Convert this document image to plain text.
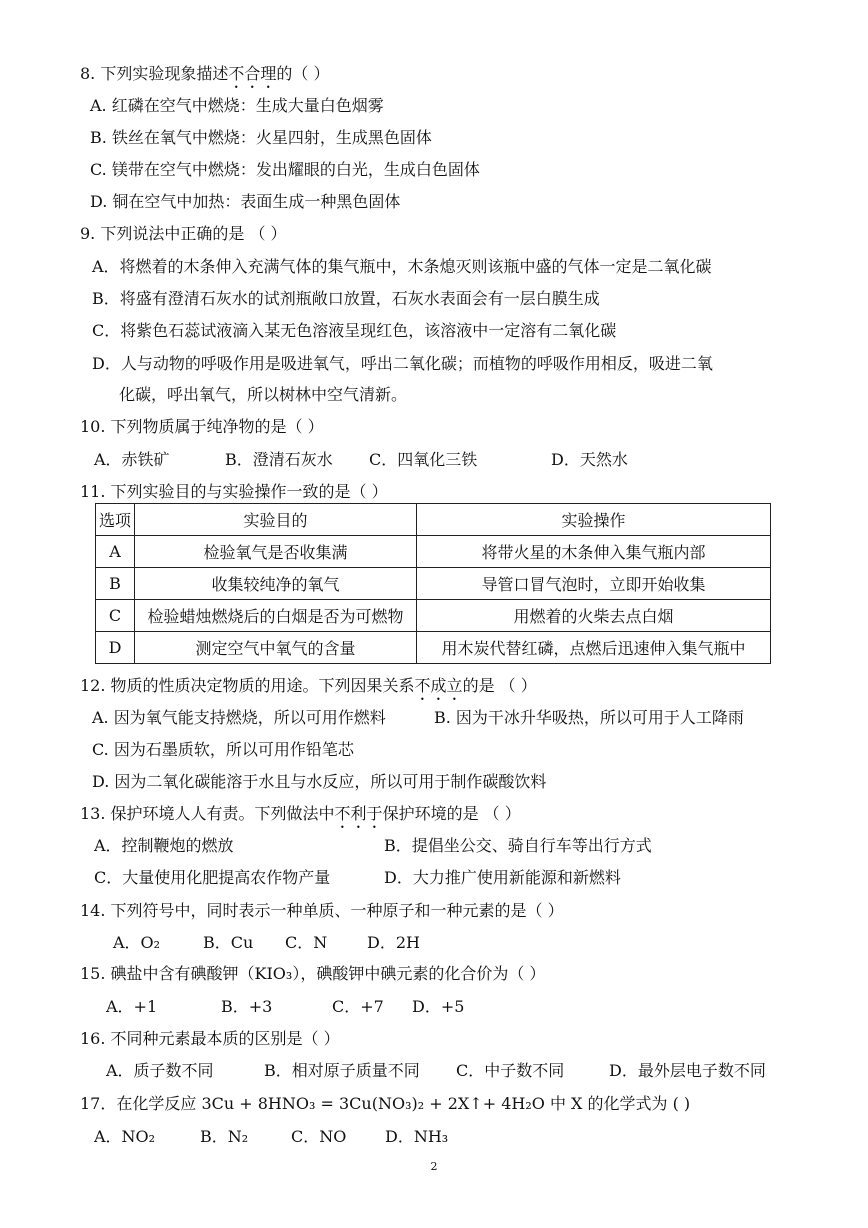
8. 下列实验现象描述不合理的（ ）
A. 红磷在空气中燃烧：生成大量白色烟雾
B. 铁丝在氧气中燃烧：火星四射，生成黑色固体
C. 镁带在空气中燃烧：发出耀眼的白光，生成白色固体
D. 铜在空气中加热：表面生成一种黑色固体
9. 下列说法中正确的是 （ ）
A．将燃着的木条伸入充满气体的集气瓶中，木条熄灭则该瓶中盛的气体一定是二氧化碳
B．将盛有澄清石灰水的试剂瓶敞口放置，石灰水表面会有一层白膜生成
C．将紫色石蕊试液滴入某无色溶液呈现红色，该溶液中一定溶有二氧化碳
D．人与动物的呼吸作用是吸进氧气，呼出二氧化碳；而植物的呼吸作用相反，吸进二氧
化碳，呼出氧气，所以树林中空气清新。
10. 下列物质属于纯净物的是（ ）
A．赤铁矿	B．澄清石灰水 C．四氧化三铁	D．天然水
11. 下列实验目的与实验操作一致的是（ ）
选项	实验目的	实验操作
A	检验氧气是否收集满	将带火星的木条伸入集气瓶内部
B	收集较纯净的氧气	导管口冒气泡时，立即开始收集
C	检验蜡烛燃烧后的白烟是否为可燃物	用燃着的火柴去点白烟
D	测定空气中氧气的含量	用木炭代替红磷，点燃后迅速伸入集气瓶中
12. 物质的性质决定物质的用途。下列因果关系不成立的是 （ ）
A. 因为氧气能支持燃烧，所以可用作燃料	B. 因为干冰升华吸热，所以可用于人工降雨
C. 因为石墨质软，所以可用作铅笔芯
D. 因为二氧化碳能溶于水且与水反应，所以可用于制作碳酸饮料
13. 保护环境人人有责。下列做法中不利于保护环境的是 （ ）
A．控制鞭炮的燃放	B．提倡坐公交、骑自行车等出行方式
C．大量使用化肥提高农作物产量	D．大力推广使用新能源和新燃料
14. 下列符号中，同时表示一种单质、一种原子和一种元素的是（ ）
A．O₂	B．Cu C．N D．2H
15. 碘盐中含有碘酸钾（KIO₃），碘酸钾中碘元素的化合价为（ ）
A．+1	B．+3	C．+7 D．+5
16. 不同种元素最本质的区别是（ ）
A．质子数不同	B．相对原子质量不同 C．中子数不同	D．最外层电子数不同
17．在化学反应 3Cu + 8HNO₃ = 3Cu(NO₃)₂ + 2X↑+ 4H₂O 中 X 的化学式为 ( )
A．NO₂	B．N₂	C．NO D．NH₃
2
